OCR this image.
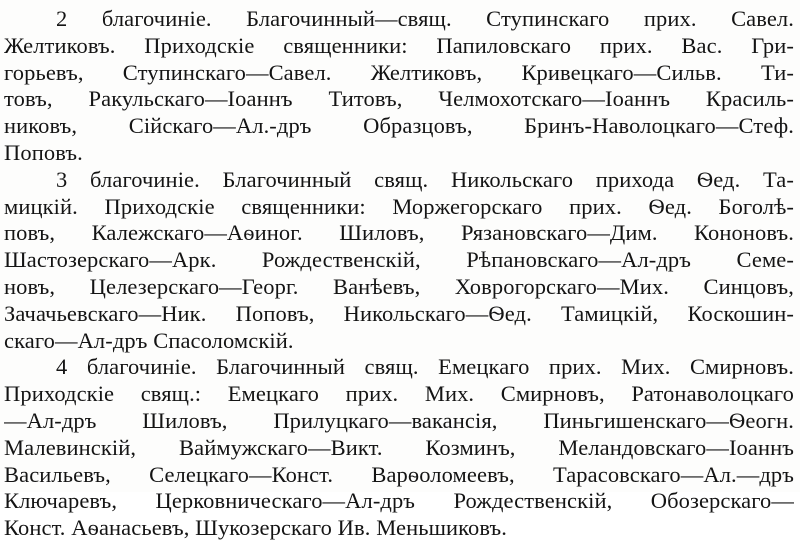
2 благочиніе. Благочинный—свящ. Ступинскаго прих. Савел.
Желтиковъ. Приходскіе священники: Папиловскаго прих. Вас. Гри-
горьевъ, Ступинскаго—Савел. Желтиковъ, Кривецкаго—Сильв. Ти-
товъ, Ракульскаго—Іоаннъ Титовъ, Челмохотскаго—Іоаннъ Красиль-
никовъ, Сійскаго—Ал.-дръ Образцовъ, Бринъ-Наволоцкаго—Стеф.
Поповъ.
3 благочиніе. Благочинный свящ. Никольскаго прихода Ѳед. Та-
мицкій. Приходскіе священники: Моржегорскаго прих. Ѳед. Боголѣ-
повъ, Калежскаго—Аѳиног. Шиловъ, Рязановскаго—Дим. Кононовъ.
Шастозерскаго—Арк. Рождественскій, Рѣпановскаго—Ал-дръ Семе-
новъ, Целезерскаго—Георг. Ванѣевъ, Ховрогорскаго—Мих. Синцовъ,
Зачачьевскаго—Ник. Поповъ, Никольскаго—Ѳед. Тамицкій, Коскошин-
скаго—Ал-дръ Спасоломскій.
4 благочиніе. Благочинный свящ. Емецкаго прих. Мих. Смирновъ.
Приходскіе свящ.: Емецкаго прих. Мих. Смирновъ, Ратонаволоцкаго
—Ал-дръ Шиловъ, Прилуцкаго—вакансія, Пиньгишенскаго—Ѳеогн.
Малевинскій, Ваймужскаго—Викт. Козминъ, Меландовскаго—Іоаннъ
Васильевъ, Селецкаго—Конст. Варѳоломеевъ, Тарасовскаго—Ал.—дръ
Ключаревъ, Церковническаго—Ал-дръ Рождественскій, Обозерскаго—
Конст. Аѳанасьевъ, Шукозерскаго Ив. Меньшиковъ.
